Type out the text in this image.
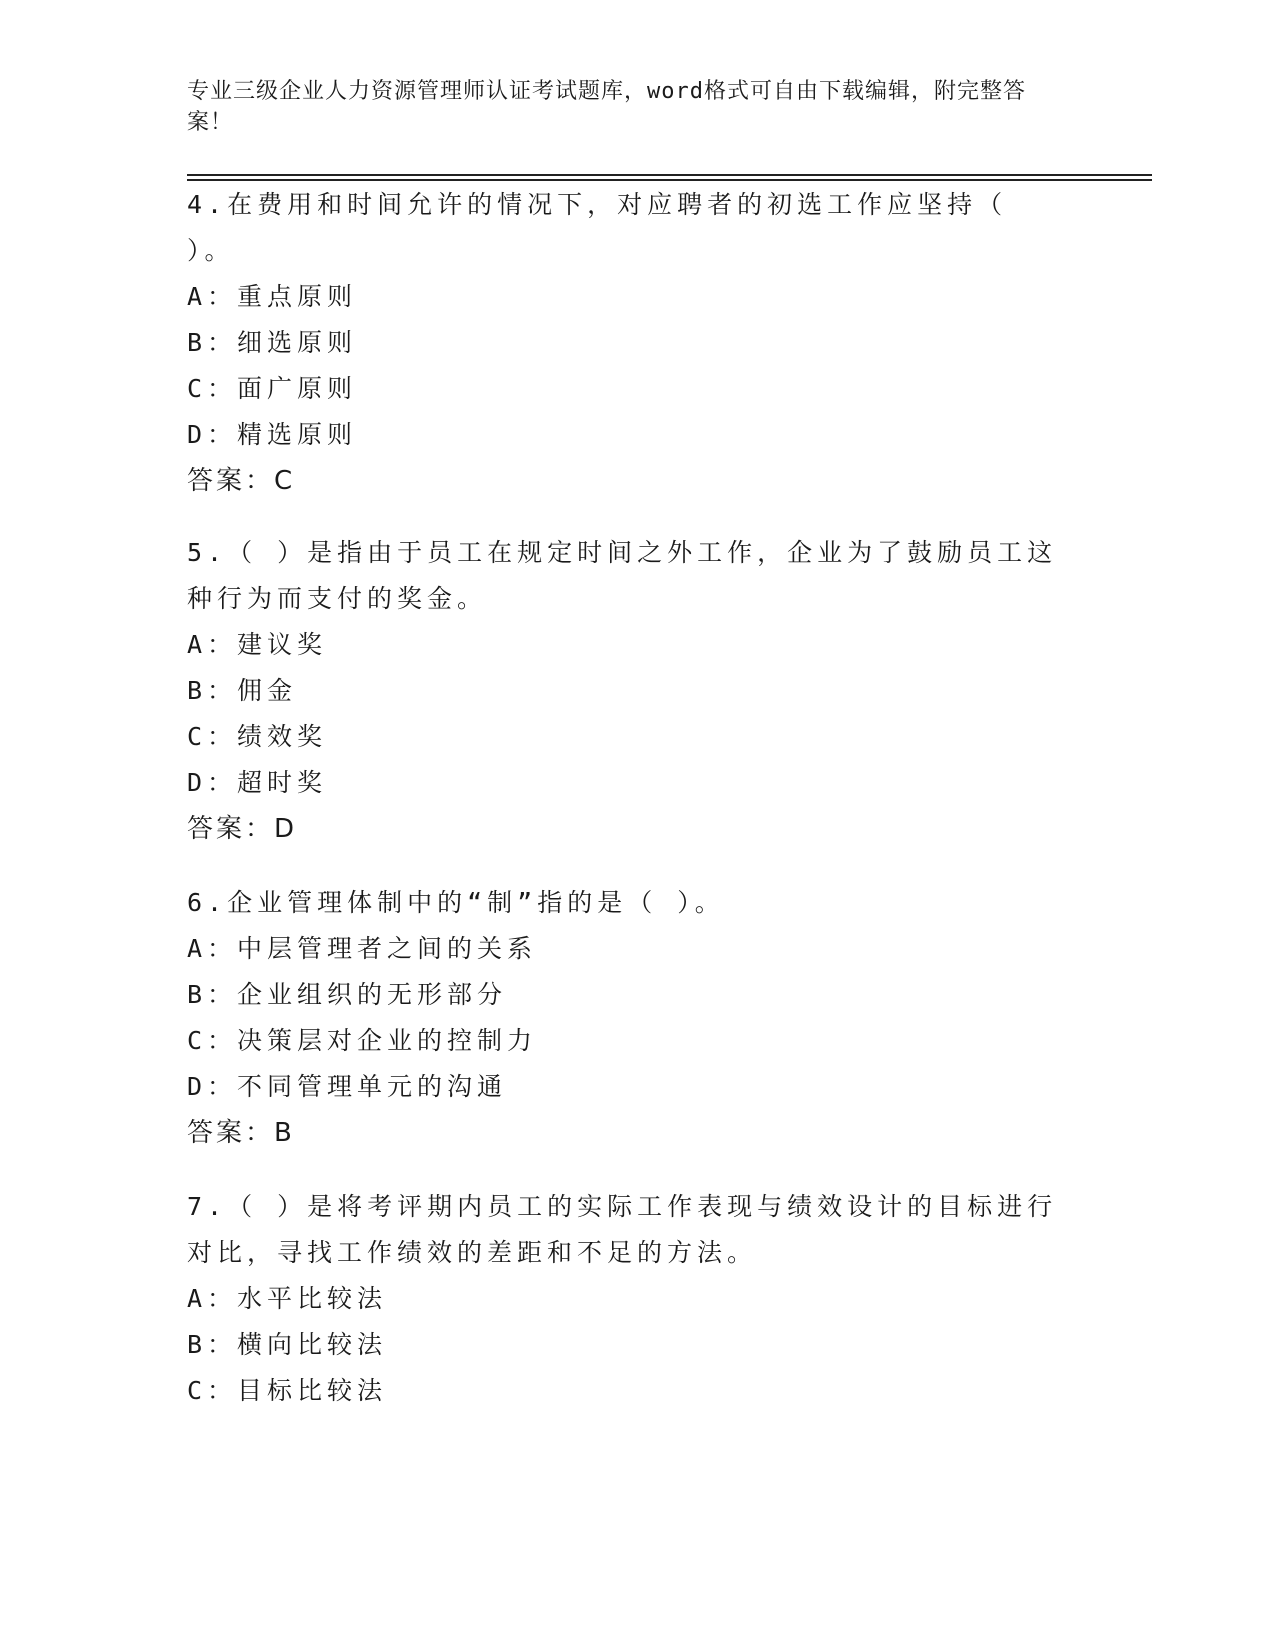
专业三级企业人力资源管理师认证考试题库，word格式可自由下载编辑，附完整答案！

4.在费用和时间允许的情况下，对应聘者的初选工作应坚持（ ）。

A：重点原则

B：细选原则

C：面广原则

D：精选原则

答案：C

5.（ ）是指由于员工在规定时间之外工作，企业为了鼓励员工这种行为而支付的奖金。

A：建议奖

B：佣金

C：绩效奖

D：超时奖

答案：D

6.企业管理体制中的“制”指的是（ ）。

A：中层管理者之间的关系

B：企业组织的无形部分

C：决策层对企业的控制力

D：不同管理单元的沟通

答案：B

7.（ ）是将考评期内员工的实际工作表现与绩效设计的目标进行对比，寻找工作绩效的差距和不足的方法。

A：水平比较法

B：横向比较法

C：目标比较法
